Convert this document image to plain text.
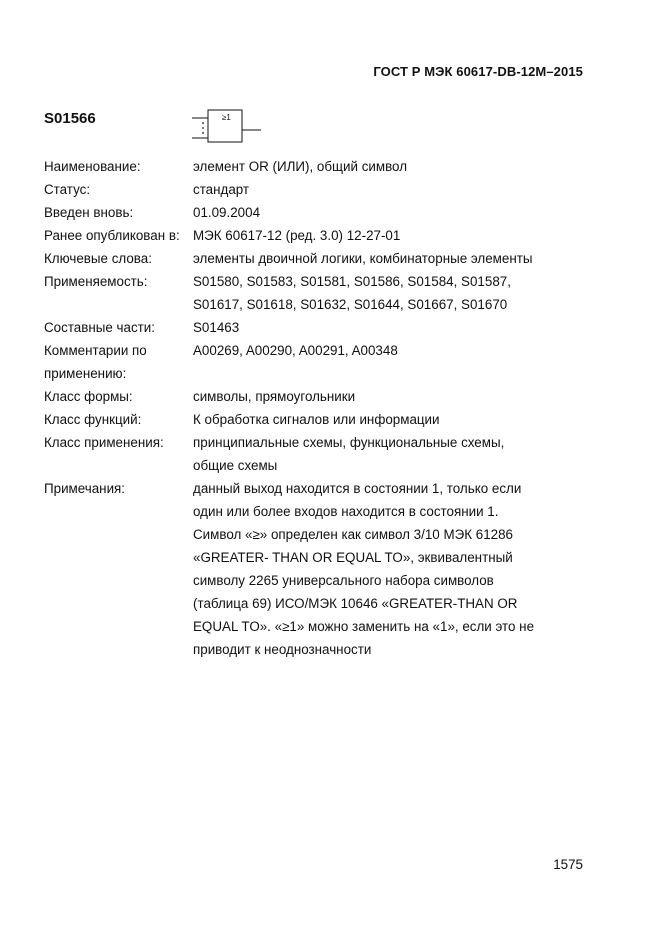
ГОСТ Р МЭК 60617-DB-12M–2015
S01566	≥1
Наименование:	элемент OR (ИЛИ), общий символ
Статус:	стандарт
Введен вновь:	01.09.2004
Ранее опубликован в: МЭК 60617-12 (ред. 3.0) 12-27-01
Ключевые слова:	элементы двоичной логики, комбинаторные элементы
Применяемость:	S01580, S01583, S01581, S01586, S01584, S01587,
S01617, S01618, S01632, S01644, S01667, S01670
Составные части:	S01463
Комментарии по
применению:
A00269, A00290, A00291, A00348
Класс формы:	символы, прямоугольники
Класс функций:	К обработка сигналов или информации
Класс применения:	принципиальные схемы, функциональные схемы,
общие схемы
Примечания:	данный выход находится в состоянии 1, только если
один или более входов находится в состоянии 1.
Символ «≥» определен как символ 3/10 МЭК 61286
«GREATER- THAN OR EQUAL TO», эквивалентный
символу 2265 универсального набора символов
(таблица 69) ИСО/МЭК 10646 «GREATER-THAN OR
EQUAL TO». «≥1» можно заменить на «1», если это не
приводит к неоднозначности
1575
